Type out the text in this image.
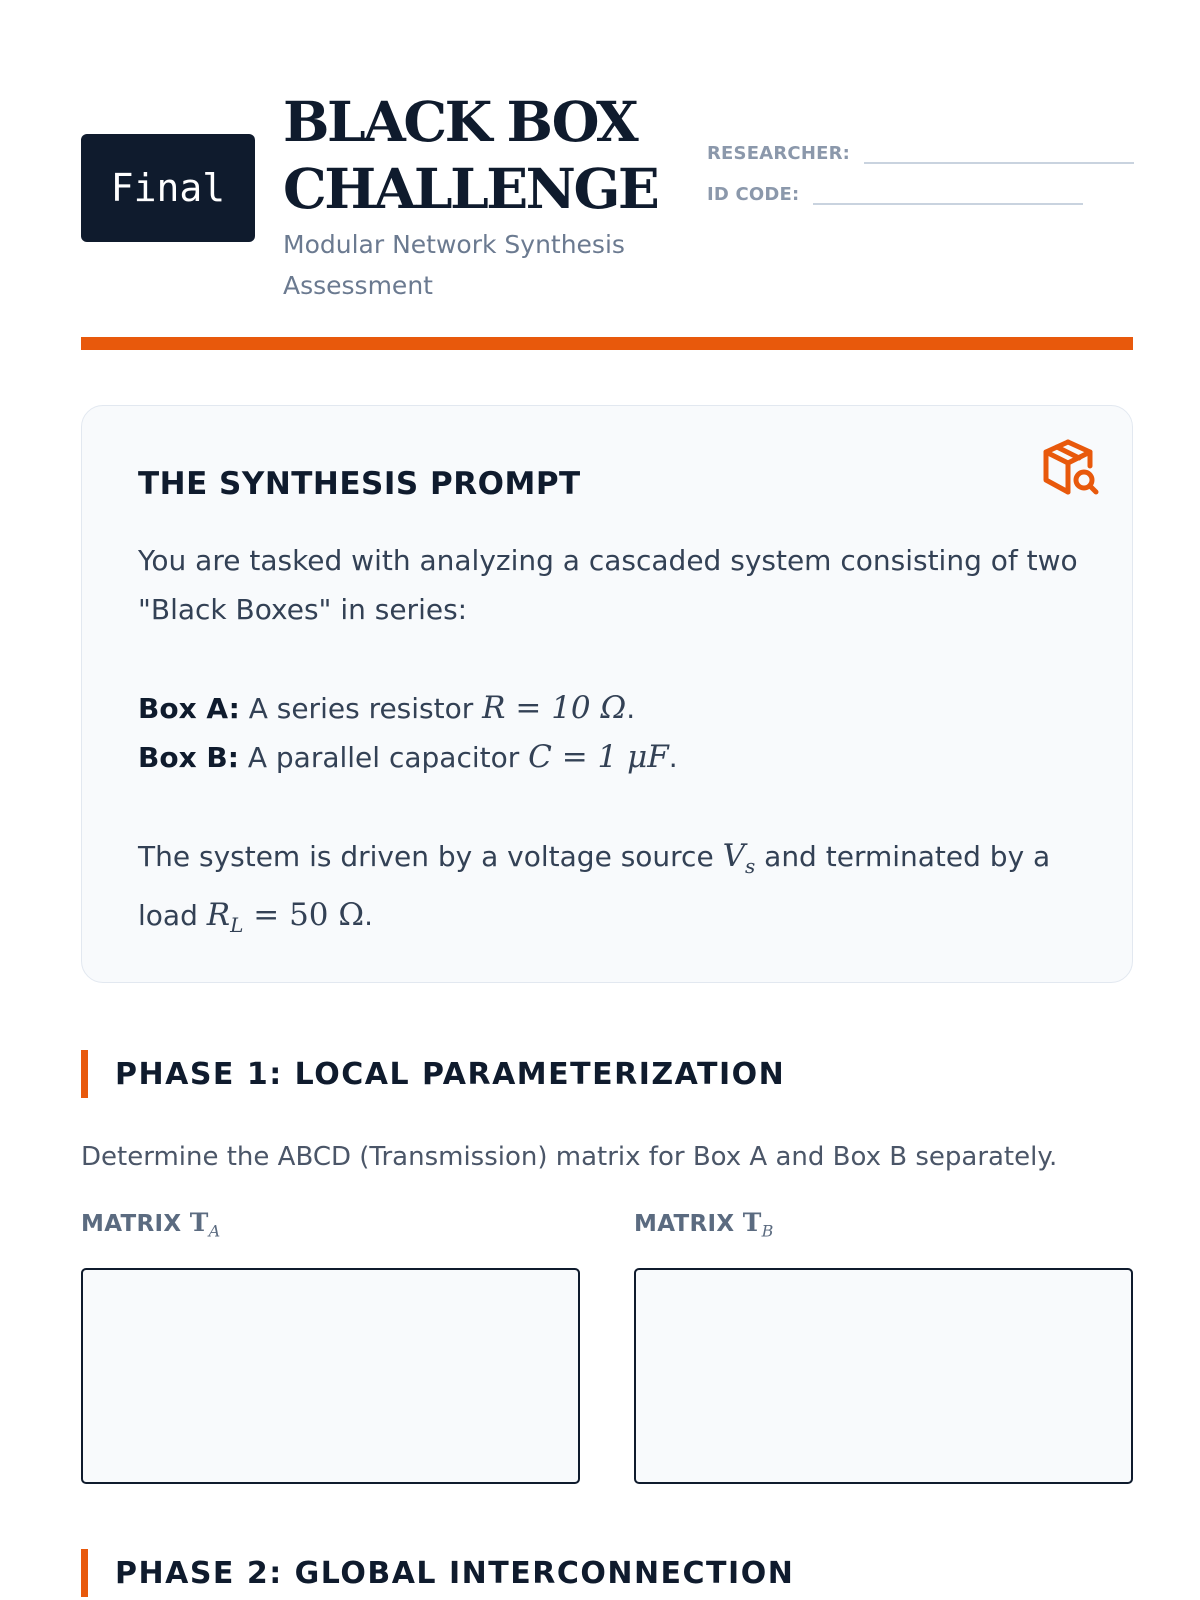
Final
BLACK BOX
CHALLENGE
Modular Network Synthesis
Assessment
RESEARCHER:
ID CODE:
THE SYNTHESIS PROMPT

You are tasked with analyzing a cascaded system consisting of two "Black Boxes" in series:

Box A: A series resistor R = 10 Ω.

Box B: A parallel capacitor C = 1 μF.

The system is driven by a voltage source $V_s$ and terminated by a load $R_L = 50$ Ω.

PHASE 1: LOCAL PARAMETERIZATION
Determine the ABCD (Transmission) matrix for Box A and Box B separately.
MATRIX $T_A$	MATRIX $T_B$
PHASE 2: GLOBAL INTERCONNECTION
